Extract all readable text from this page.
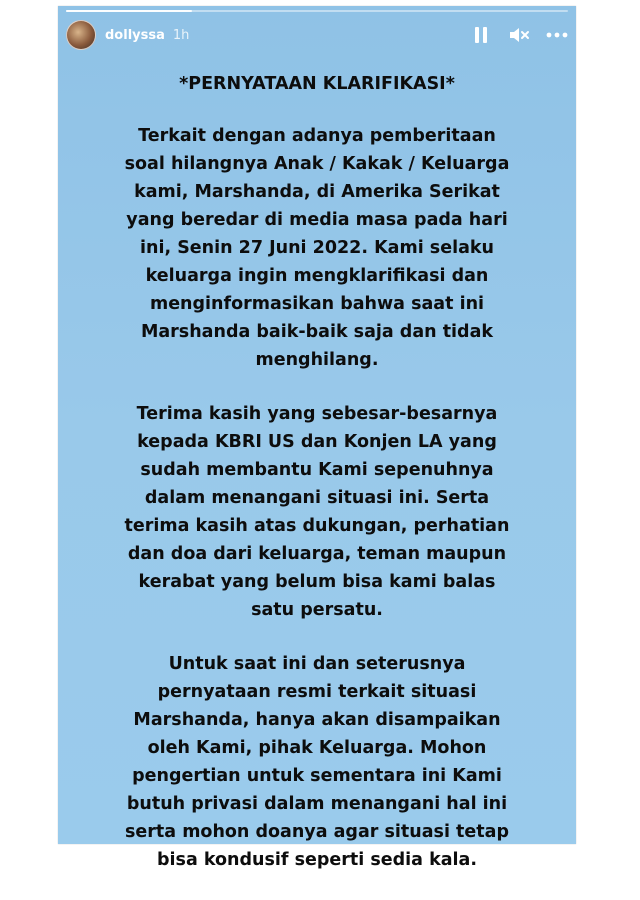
dollyssa 1h
*PERNYATAAN KLARIFIKASI*
Terkait dengan adanya pemberitaan
soal hilangnya Anak / Kakak / Keluarga
kami, Marshanda, di Amerika Serikat
yang beredar di media masa pada hari
ini, Senin 27 Juni 2022. Kami selaku
keluarga ingin mengklarifikasi dan
menginformasikan bahwa saat ini
Marshanda baik-baik saja dan tidak
menghilang.
Terima kasih yang sebesar-besarnya
kepada KBRI US dan Konjen LA yang
sudah membantu Kami sepenuhnya
dalam menangani situasi ini. Serta
terima kasih atas dukungan, perhatian
dan doa dari keluarga, teman maupun
kerabat yang belum bisa kami balas
satu persatu.
Untuk saat ini dan seterusnya
pernyataan resmi terkait situasi
Marshanda, hanya akan disampaikan
oleh Kami, pihak Keluarga. Mohon
pengertian untuk sementara ini Kami
butuh privasi dalam menangani hal ini
serta mohon doanya agar situasi tetap
bisa kondusif seperti sedia kala.
